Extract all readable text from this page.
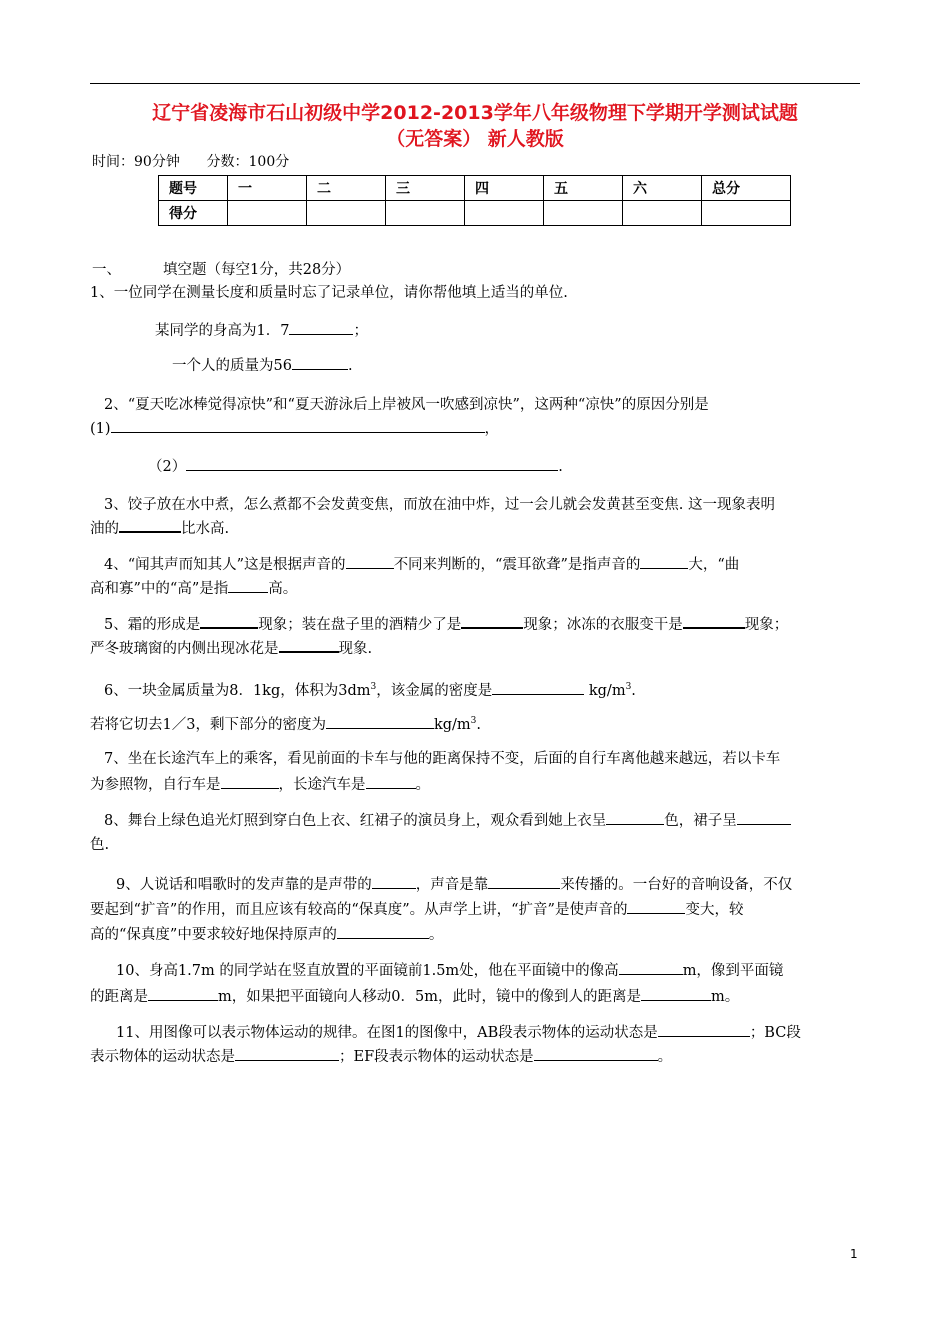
辽宁省凌海市石山初级中学2012-2013学年八年级物理下学期开学测试试题
（无答案） 新人教版
时间：90分钟      分数：100分
题号	一	二	三	四	五	六	总分
得分							
一、	填空题（每空1分，共28分）
1、一位同学在测量长度和质量时忘了记录单位，请你帮他填上适当的单位.
某同学的身高为1．7	；
一个人的质量为56	.
2、“夏天吃冰棒觉得凉快”和“夏天游泳后上岸被风一吹感到凉快”，这两种“凉快”的原因分别是
(1)	，
（2）	.
3、饺子放在水中煮，怎么煮都不会发黄变焦，而放在油中炸，过一会儿就会发黄甚至变焦. 这一现象表明
油的	比水高.
4、“闻其声而知其人”这是根据声音的	不同来判断的，“震耳欲聋”是指声音的	大，“曲
高和寡”中的“高”是指	高。
5、霜的形成是	现象；装在盘子里的酒精少了是	现象；冰冻的衣服变干是	现象；
严冬玻璃窗的内侧出现冰花是	现象.
6、一块金属质量为8．1kg，体积为$3dm^3$，该金属的密度是	$kg/m^3$.
若将它切去1／3，剩下部分的密度为	$kg/m^3$.
7、坐在长途汽车上的乘客，看见前面的卡车与他的距离保持不变，后面的自行车离他越来越远，若以卡车
为参照物，自行车是	，长途汽车是	。
8、舞台上绿色追光灯照到穿白色上衣、红裙子的演员身上，观众看到她上衣呈	色，裙子呈
色.
9、人说话和唱歌时的发声靠的是声带的	，声音是靠	来传播的。一台好的音响设备，不仅
要起到“扩音”的作用，而且应该有较高的“保真度”。从声学上讲，“扩音”是使声音的	变大，较
高的“保真度”中要求较好地保持原声的	。
10、身高1.7m 的同学站在竖直放置的平面镜前1.5m处，他在平面镜中的像高	m，像到平面镜
的距离是	m，如果把平面镜向人移动0．5m，此时，镜中的像到人的距离是	m。
11、用图像可以表示物体运动的规律。在图1的图像中，AB段表示物体的运动状态是	；BC段
表示物体的运动状态是	；EF段表示物体的运动状态是	。
1
